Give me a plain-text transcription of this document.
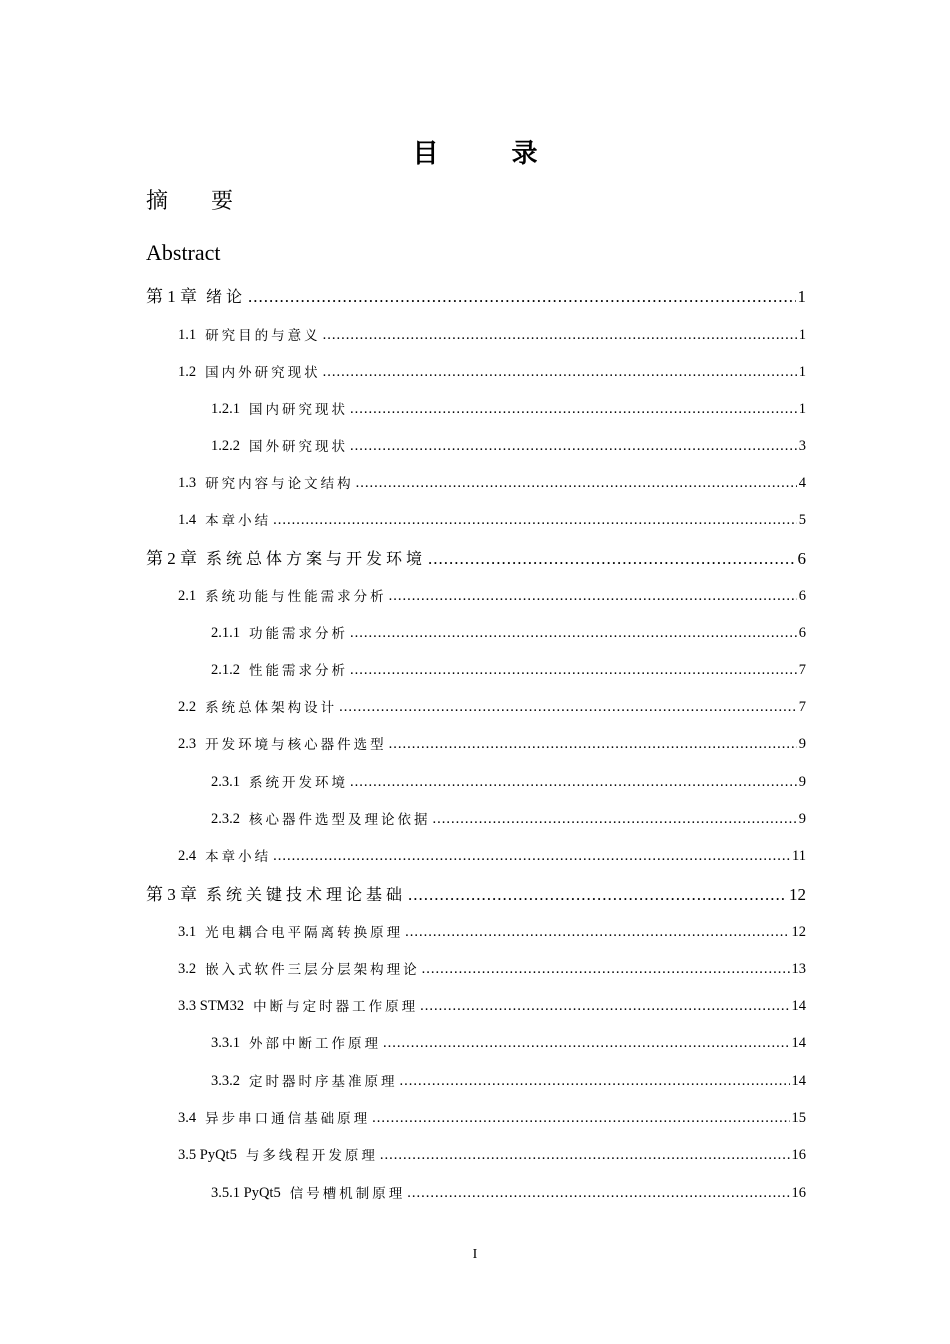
目 录
摘 要
Abstract
第 1 章 绪论 .....	1
1.1 研究目的与意义 .....	1
1.2 国内外研究现状 .....	1
1.2.1 国内研究现状 .....	1
1.2.2 国外研究现状 .....	3
1.3 研究内容与论文结构 .....	4
1.4 本章小结 .....	5
第 2 章 系统总体方案与开发环境 .....	6
2.1 系统功能与性能需求分析 .....	6
2.1.1 功能需求分析 .....	6
2.1.2 性能需求分析 .....	7
2.2 系统总体架构设计 .....	7
2.3 开发环境与核心器件选型 .....	9
2.3.1 系统开发环境 .....	9
2.3.2 核心器件选型及理论依据 .....	9
2.4 本章小结 .....	11
第 3 章 系统关键技术理论基础 .....	12
3.1 光电耦合电平隔离转换原理 .....	12
3.2 嵌入式软件三层分层架构理论 .....	13
3.3 STM32 中断与定时器工作原理 .....	14
3.3.1 外部中断工作原理 .....	14
3.3.2 定时器时序基准原理 .....	14
3.4 异步串口通信基础原理 .....	15
3.5 PyQt5 与多线程开发原理 .....	16
3.5.1 PyQt5 信号槽机制原理 .....	16
I
